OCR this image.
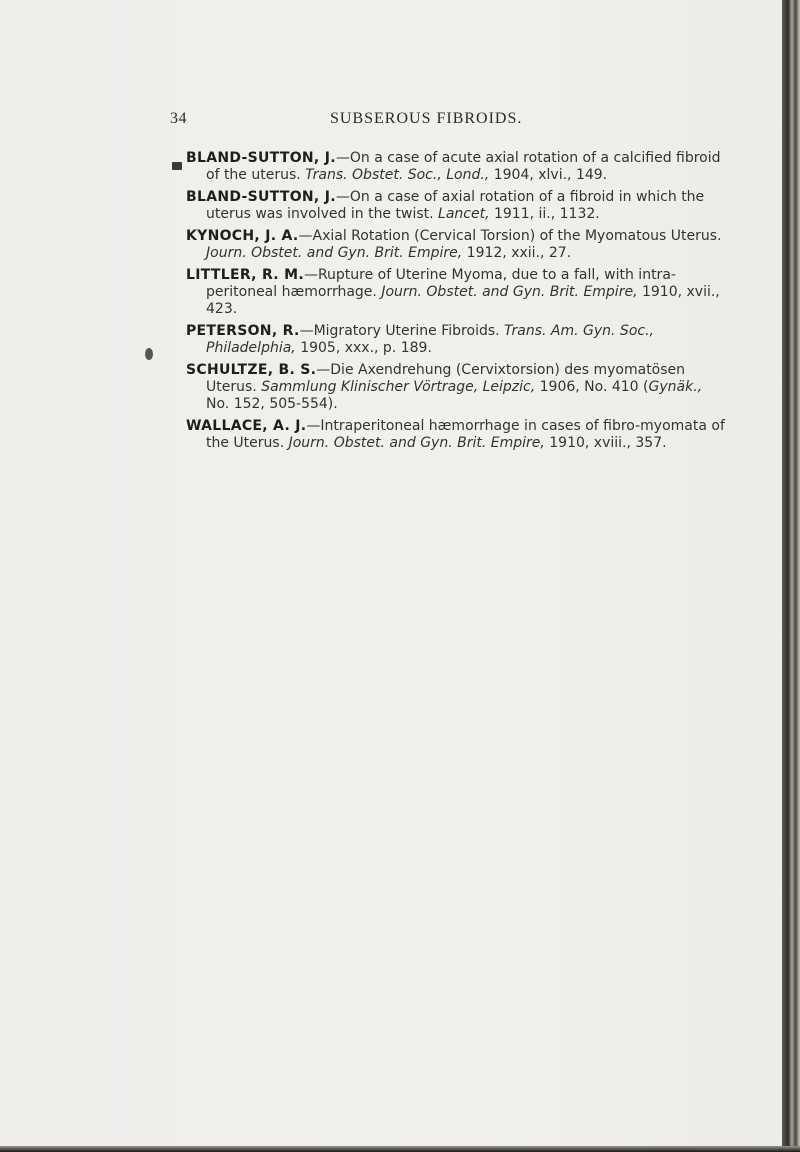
34	SUBSEROUS FIBROIDS.

BLAND-SUTTON, J.—On a case of acute axial rotation of a calcified fibroid of the uterus. Trans. Obstet. Soc., Lond., 1904, xlvi., 149.

BLAND-SUTTON, J.—On a case of axial rotation of a fibroid in which the uterus was involved in the twist. Lancet, 1911, ii., 1132.

KYNOCH, J. A.—Axial Rotation (Cervical Torsion) of the Myomatous Uterus. Journ. Obstet. and Gyn. Brit. Empire, 1912, xxii., 27.

LITTLER, R. M.—Rupture of Uterine Myoma, due to a fall, with intra-peritoneal hæmorrhage. Journ. Obstet. and Gyn. Brit. Empire, 1910, xvii., 423.

PETERSON, R.—Migratory Uterine Fibroids. Trans. Am. Gyn. Soc., Philadelphia, 1905, xxx., p. 189.

SCHULTZE, B. S.—Die Axendrehung (Cervixtorsion) des myomatösen Uterus. Sammlung Klinischer Vörtrage, Leipzic, 1906, No. 410 (Gynäk., No. 152, 505-554).

WALLACE, A. J.—Intraperitoneal hæmorrhage in cases of fibro-myomata of the Uterus. Journ. Obstet. and Gyn. Brit. Empire, 1910, xviii., 357.
